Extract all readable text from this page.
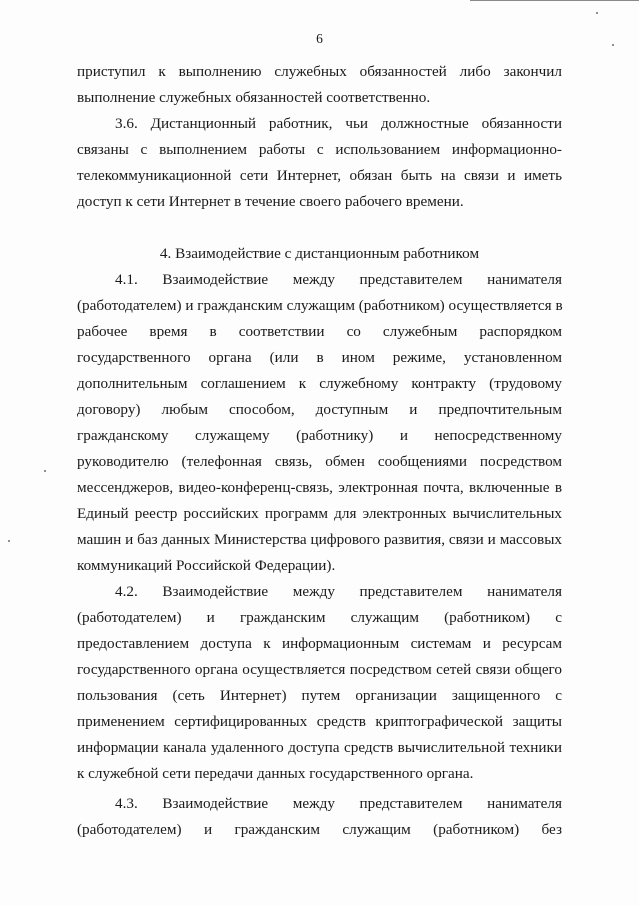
6
приступил к выполнению служебных обязанностей либо закончил
выполнение служебных обязанностей соответственно.
3.6. Дистанционный работник, чьи должностные обязанности
связаны с выполнением работы с использованием информационно-
телекоммуникационной сети Интернет, обязан быть на связи и иметь
доступ к сети Интернет в течение своего рабочего времени.
4. Взаимодействие с дистанционным работником
4.1. Взаимодействие между представителем нанимателя
(работодателем) и гражданским служащим (работником) осуществляется в
рабочее время в соответствии со служебным распорядком
государственного органа (или в ином режиме, установленном
дополнительным соглашением к служебному контракту (трудовому
договору) любым способом, доступным и предпочтительным
гражданскому служащему (работнику) и непосредственному
руководителю (телефонная связь, обмен сообщениями посредством
мессенджеров, видео-конференц-связь, электронная почта, включенные в
Единый реестр российских программ для электронных вычислительных
машин и баз данных Министерства цифрового развития, связи и массовых
коммуникаций Российской Федерации).
4.2. Взаимодействие между представителем нанимателя
(работодателем) и гражданским служащим (работником) с
предоставлением доступа к информационным системам и ресурсам
государственного органа осуществляется посредством сетей связи общего
пользования (сеть Интернет) путем организации защищенного с
применением сертифицированных средств криптографической защиты
информации канала удаленного доступа средств вычислительной техники
к служебной сети передачи данных государственного органа.
4.3. Взаимодействие между представителем нанимателя
(работодателем) и гражданским служащим (работником) без
